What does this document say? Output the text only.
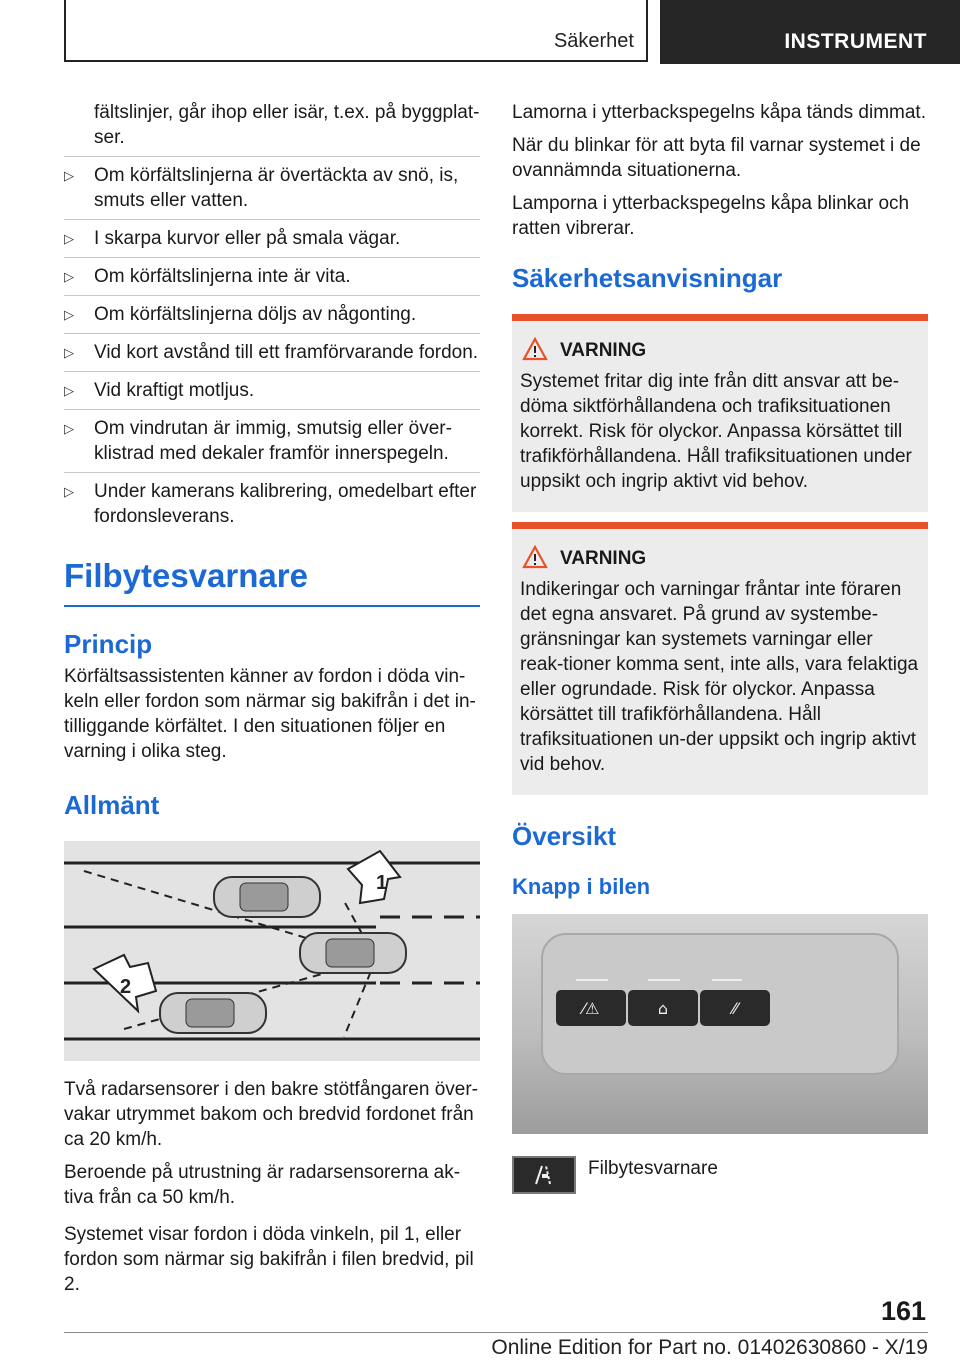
Säkerhet	INSTRUMENT

fältslinjer, går ihop eller isär, t.ex. på byggplat-ser.

▷ Om körfältslinjerna är övertäckta av snö, is, smuts eller vatten.
▷ I skarpa kurvor eller på smala vägar.
▷ Om körfältslinjerna inte är vita.
▷ Om körfältslinjerna döljs av någonting.
▷ Vid kort avstånd till ett framförvarande fordon.
▷ Vid kraftigt motljus.
▷ Om vindrutan är immig, smutsig eller över-klistrad med dekaler framför innerspegeln.
▷ Under kamerans kalibrering, omedelbart efter fordonsleverans.
Filbytesvarnare
Princip

Körfältsassistenten känner av fordon i döda vin-keln eller fordon som närmar sig bakifrån i det in-tilliggande körfältet. I den situationen följer en varning i olika steg.

Allmänt
1
2

Två radarsensorer i den bakre stötfångaren över-vakar utrymmet bakom och bredvid fordonet från ca 20 km/h.

Beroende på utrustning är radarsensorerna ak-tiva från ca 50 km/h.

Systemet visar fordon i döda vinkeln, pil 1, eller fordon som närmar sig bakifrån i filen bredvid, pil 2.

Lamorna i ytterbackspegelns kåpa tänds dimmat.

När du blinkar för att byta fil varnar systemet i de ovannämnda situationerna.

Lamporna i ytterbackspegelns kåpa blinkar och ratten vibrerar.

Säkerhetsanvisningar
VARNING

Systemet fritar dig inte från ditt ansvar att be-döma siktförhållandena och trafiksituationen korrekt. Risk för olyckor. Anpassa körsättet till trafikförhållandena. Håll trafiksituationen under uppsikt och ingrip aktivt vid behov.

VARNING

Indikeringar och varningar fråntar inte föraren det egna ansvaret. På grund av systembe-gränsningar kan systemets varningar eller reak-tioner komma sent, inte alls, vara felaktiga eller ogrundade. Risk för olyckor. Anpassa körsättet till trafikförhållandena. Håll trafiksituationen un-der uppsikt och ingrip aktivt vid behov.

Översikt
Knapp i bilen
⁄⚠	⌂	⁄⁄

Filbytesvarnare

161
Online Edition for Part no. 01402630860 - X/19
